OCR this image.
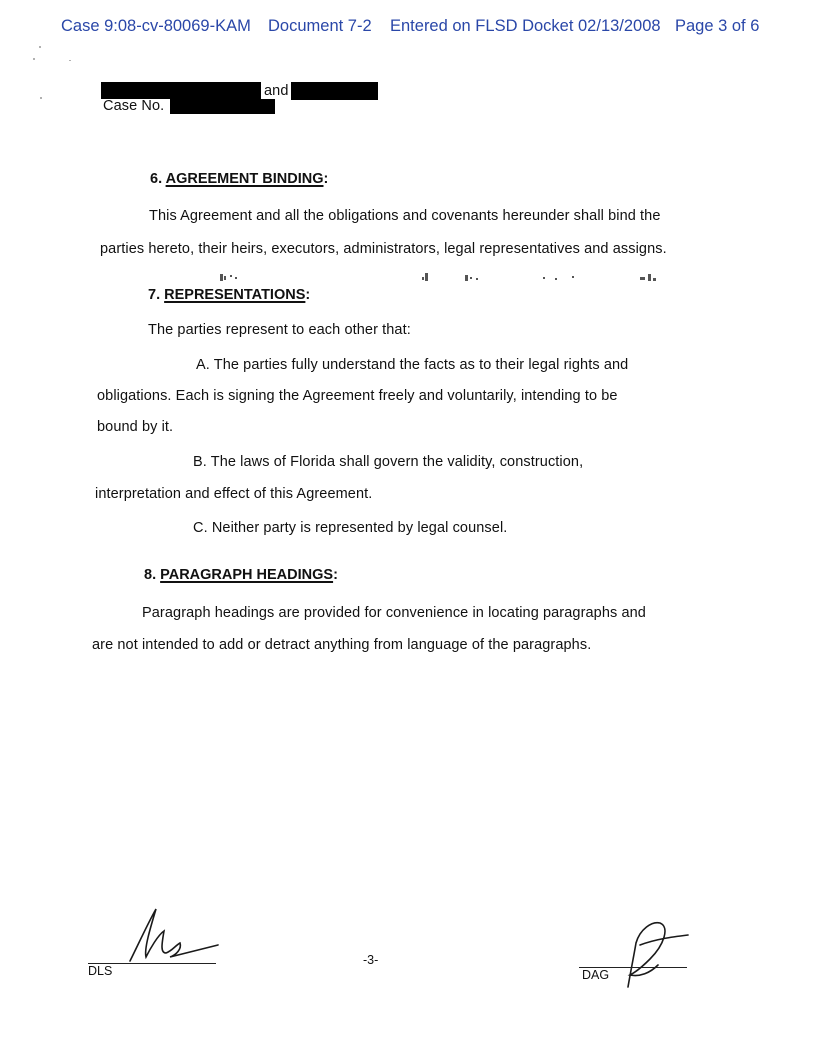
Case 9:08-cv-80069-KAM Document 7-2 Entered on FLSD Docket 02/13/2008 Page 3 of 6
and
Case No.
6. AGREEMENT BINDING:
This Agreement and all the obligations and covenants hereunder shall bind the
parties hereto, their heirs, executors, administrators, legal representatives and assigns.
7. REPRESENTATIONS:
The parties represent to each other that:
A. The parties fully understand the facts as to their legal rights and
obligations. Each is signing the Agreement freely and voluntarily, intending to be
bound by it.
B. The laws of Florida shall govern the validity, construction,
interpretation and effect of this Agreement.
C. Neither party is represented by legal counsel.
8. PARAGRAPH HEADINGS:
Paragraph headings are provided for convenience in locating paragraphs and
are not intended to add or detract anything from language of the paragraphs.
DLS
-3-
DAG
